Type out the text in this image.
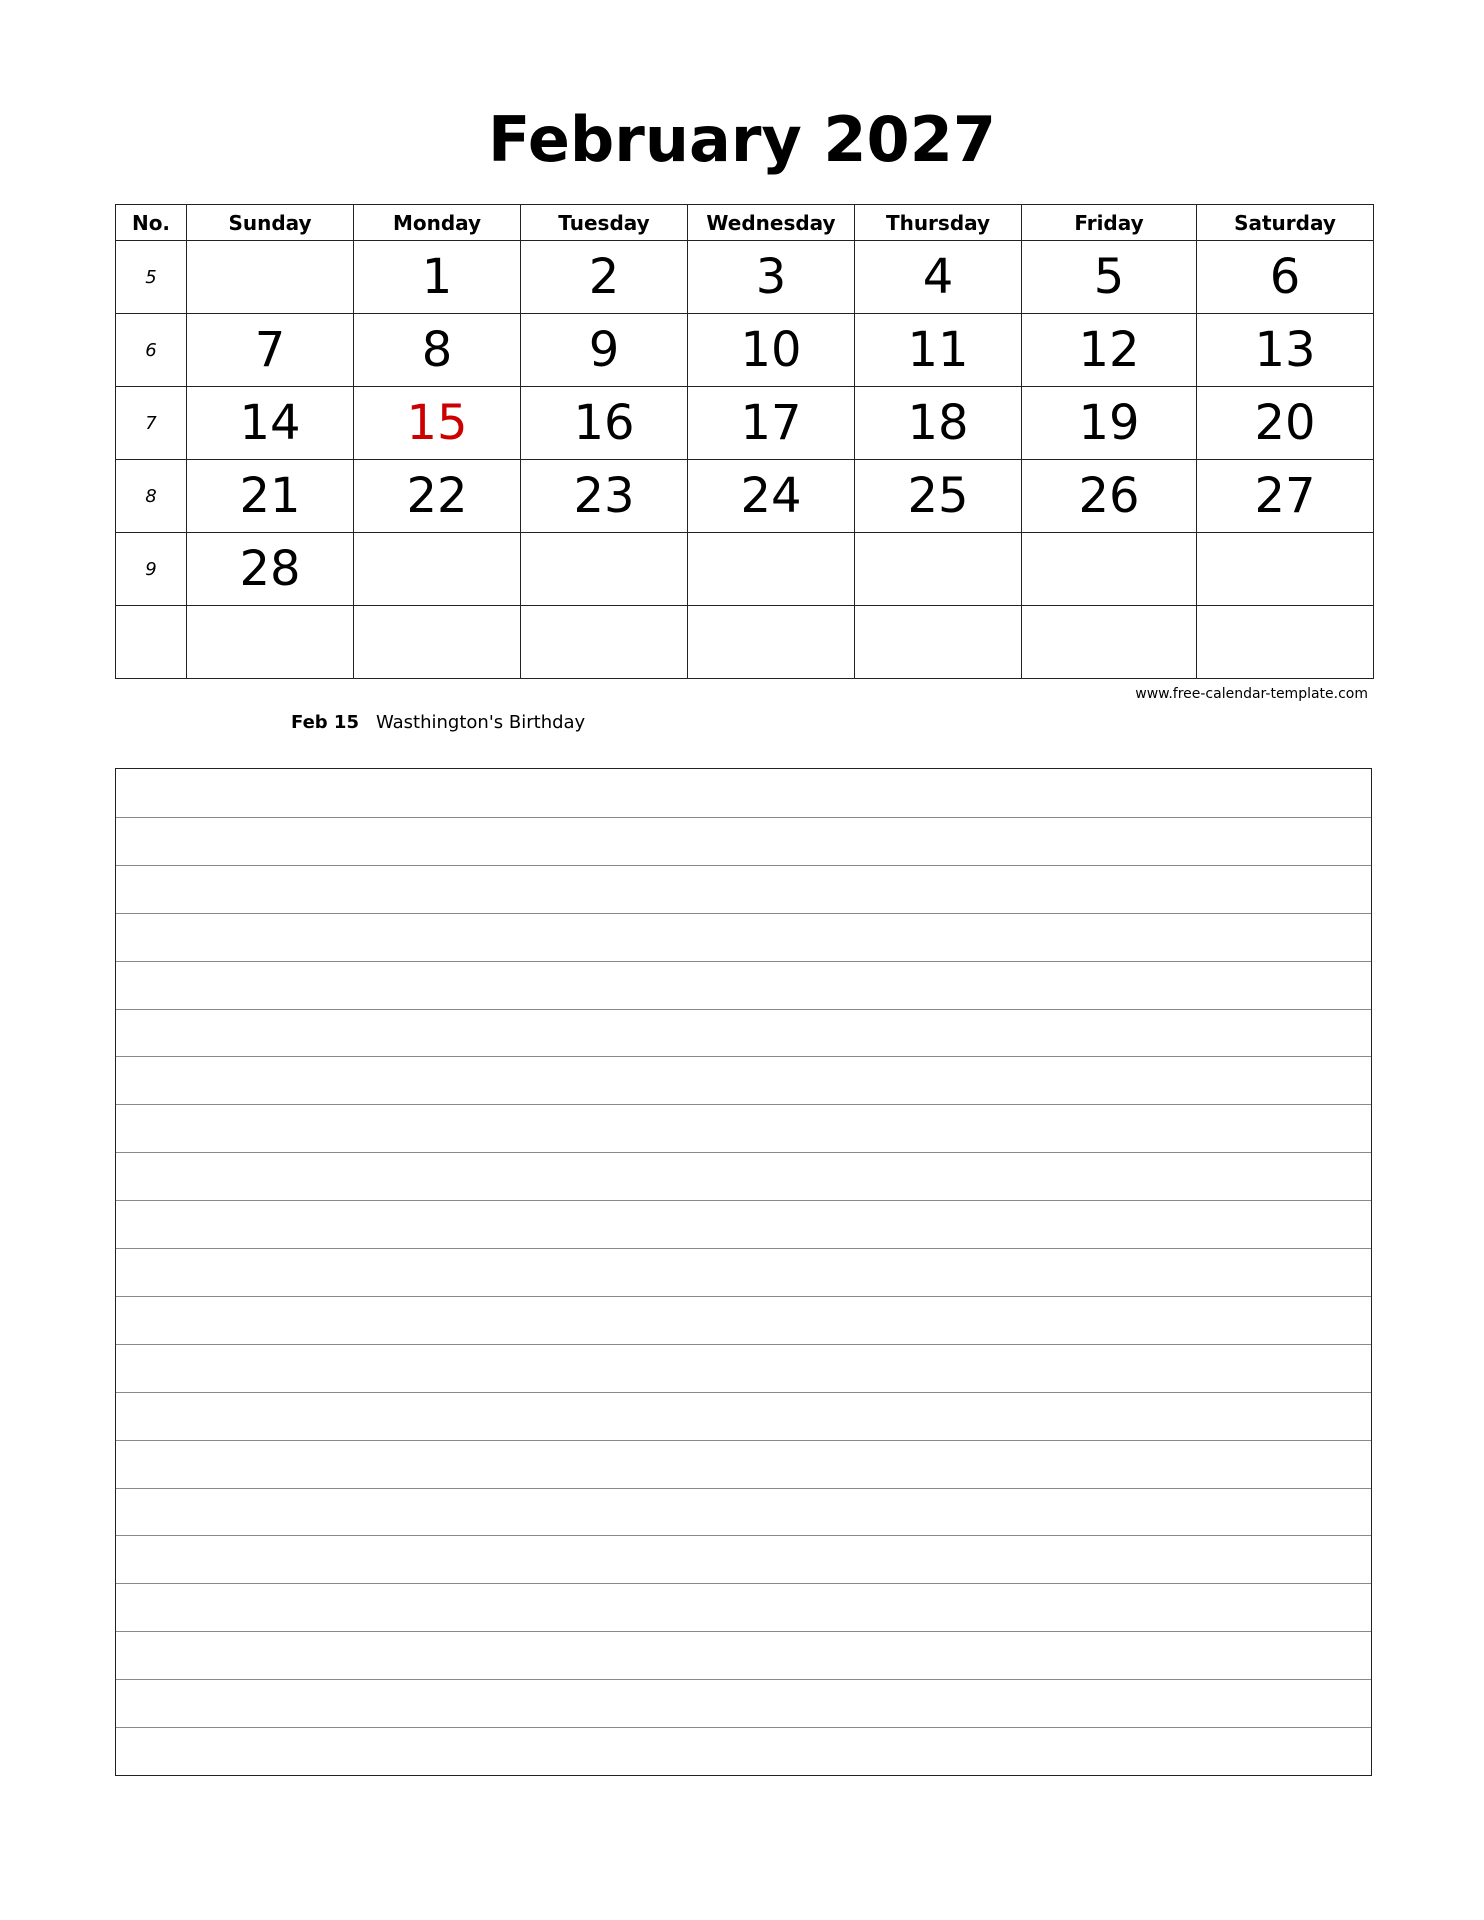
February 2027
No.	Sunday	Monday	Tuesday	Wednesday	Thursday	Friday	Saturday
5		1	2	3	4	5	6
6	7	8	9	10	11	12	13
7	14	15	16	17	18	19	20
8	21	22	23	24	25	26	27
9	28						

www.free-calendar-template.com
Feb 15 Wasthington's Birthday
